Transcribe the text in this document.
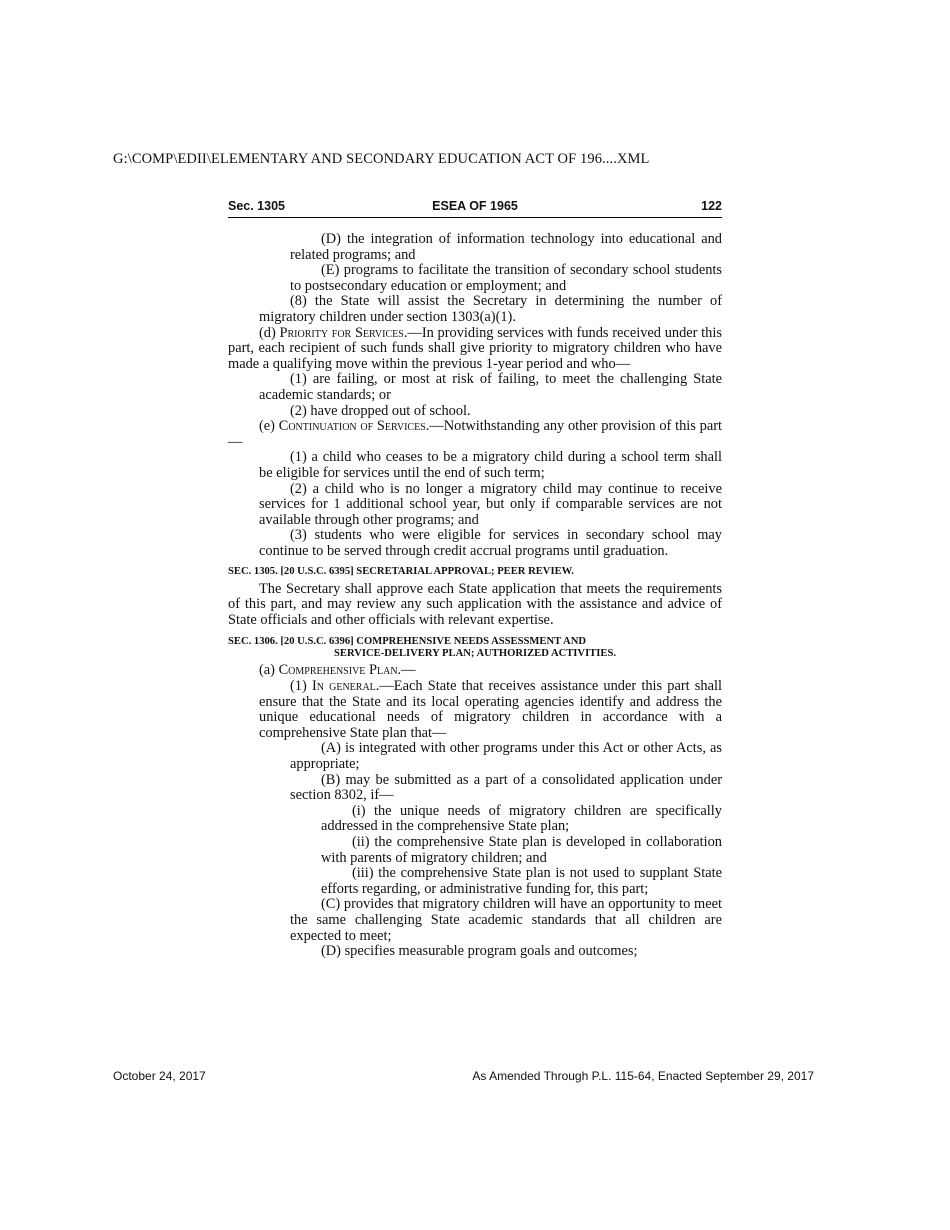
G:\COMP\EDII\ELEMENTARY AND SECONDARY EDUCATION ACT OF 196....XML
Sec. 1305	ESEA OF 1965	122

(D) the integration of information technology into educational and related programs; and

(E) programs to facilitate the transition of secondary school students to postsecondary education or employment; and

(8) the State will assist the Secretary in determining the number of migratory children under section 1303(a)(1).

(d) Priority for Services.—In providing services with funds received under this part, each recipient of such funds shall give priority to migratory children who have made a qualifying move within the previous 1-year period and who—

(1) are failing, or most at risk of failing, to meet the challenging State academic standards; or

(2) have dropped out of school.

(e) Continuation of Services.—Notwithstanding any other provision of this part—

(1) a child who ceases to be a migratory child during a school term shall be eligible for services until the end of such term;

(2) a child who is no longer a migratory child may continue to receive services for 1 additional school year, but only if comparable services are not available through other programs; and

(3) students who were eligible for services in secondary school may continue to be served through credit accrual programs until graduation.

SEC. 1305. [20 U.S.C. 6395] SECRETARIAL APPROVAL; PEER REVIEW.

The Secretary shall approve each State application that meets the requirements of this part, and may review any such application with the assistance and advice of State officials and other officials with relevant expertise.

SEC. 1306. [20 U.S.C. 6396] COMPREHENSIVE NEEDS ASSESSMENT AND

SERVICE-DELIVERY PLAN; AUTHORIZED ACTIVITIES.

(a) Comprehensive Plan.—

(1) In general.—Each State that receives assistance under this part shall ensure that the State and its local operating agencies identify and address the unique educational needs of migratory children in accordance with a comprehensive State plan that—

(A) is integrated with other programs under this Act or other Acts, as appropriate;

(B) may be submitted as a part of a consolidated application under section 8302, if—

(i) the unique needs of migratory children are specifically addressed in the comprehensive State plan;

(ii) the comprehensive State plan is developed in collaboration with parents of migratory children; and

(iii) the comprehensive State plan is not used to supplant State efforts regarding, or administrative funding for, this part;

(C) provides that migratory children will have an opportunity to meet the same challenging State academic standards that all children are expected to meet;

(D) specifies measurable program goals and outcomes;

October 24, 2017	As Amended Through P.L. 115-64, Enacted September 29, 2017
